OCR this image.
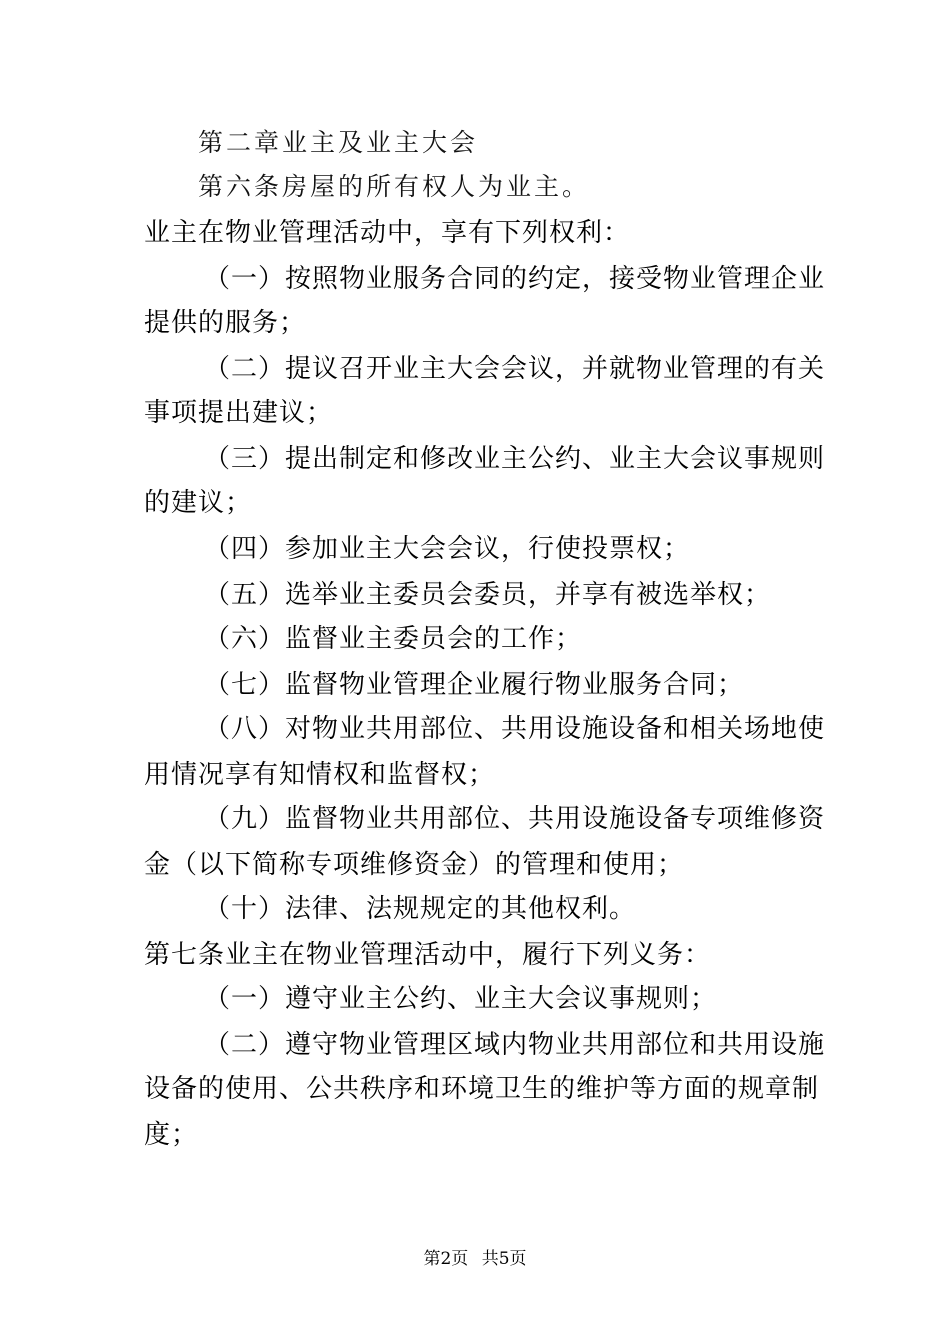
第二章业主及业主大会
第六条房屋的所有权人为业主。
业主在物业管理活动中，享有下列权利：
（一）按照物业服务合同的约定，接受物业管理企业
提供的服务；
（二）提议召开业主大会会议，并就物业管理的有关
事项提出建议；
（三）提出制定和修改业主公约、业主大会议事规则
的建议；
（四）参加业主大会会议，行使投票权；
（五）选举业主委员会委员，并享有被选举权；
（六）监督业主委员会的工作；
（七）监督物业管理企业履行物业服务合同；
（八）对物业共用部位、共用设施设备和相关场地使
用情况享有知情权和监督权；
（九）监督物业共用部位、共用设施设备专项维修资
金（以下简称专项维修资金）的管理和使用；
（十）法律、法规规定的其他权利。
第七条业主在物业管理活动中，履行下列义务：
（一）遵守业主公约、业主大会议事规则；
（二）遵守物业管理区域内物业共用部位和共用设施
设备的使用、公共秩序和环境卫生的维护等方面的规章制
度；
第2页 共5页
